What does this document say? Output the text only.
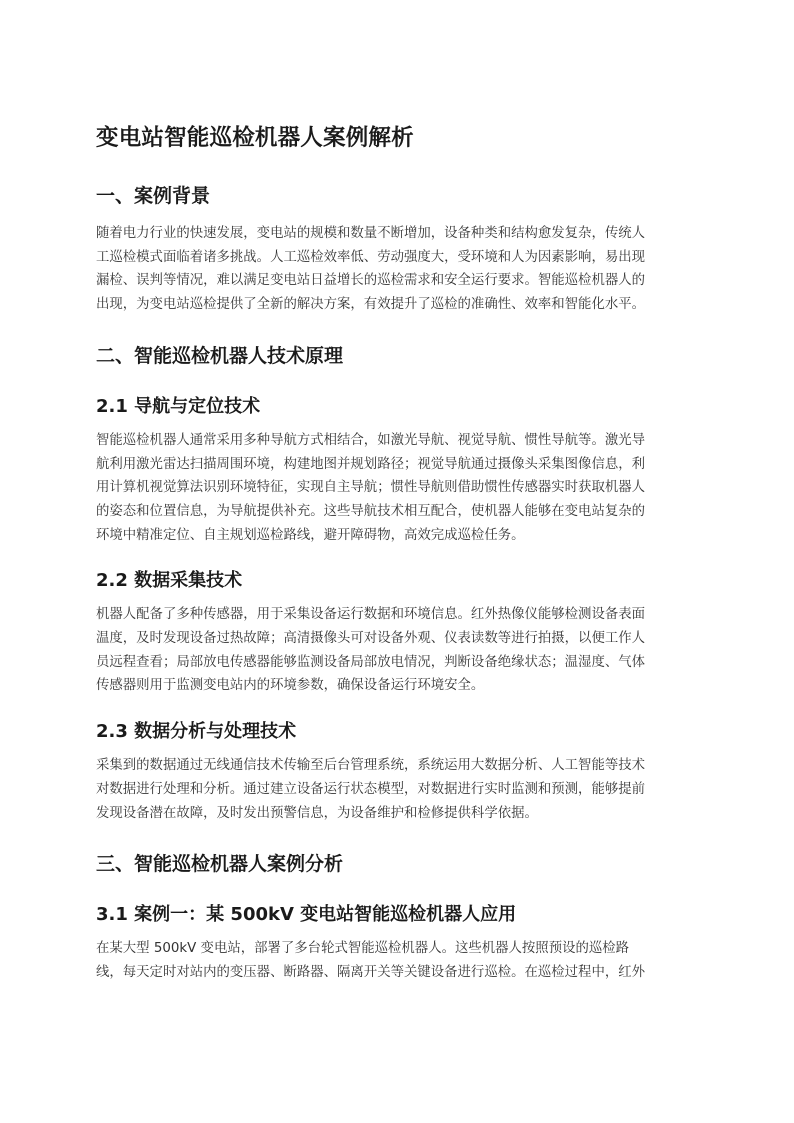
变电站智能巡检机器人案例解析
一、案例背景

随着电力行业的快速发展，变电站的规模和数量不断增加，设备种类和结构愈发复杂，传统人
工巡检模式面临着诸多挑战。人工巡检效率低、劳动强度大，受环境和人为因素影响，易出现
漏检、误判等情况，难以满足变电站日益增长的巡检需求和安全运行要求。智能巡检机器人的
出现，为变电站巡检提供了全新的解决方案，有效提升了巡检的准确性、效率和智能化水平。

二、智能巡检机器人技术原理
2.1 导航与定位技术

智能巡检机器人通常采用多种导航方式相结合，如激光导航、视觉导航、惯性导航等。激光导
航利用激光雷达扫描周围环境，构建地图并规划路径；视觉导航通过摄像头采集图像信息，利
用计算机视觉算法识别环境特征，实现自主导航；惯性导航则借助惯性传感器实时获取机器人
的姿态和位置信息，为导航提供补充。这些导航技术相互配合，使机器人能够在变电站复杂的
环境中精准定位、自主规划巡检路线，避开障碍物，高效完成巡检任务。

2.2 数据采集技术

机器人配备了多种传感器，用于采集设备运行数据和环境信息。红外热像仪能够检测设备表面
温度，及时发现设备过热故障；高清摄像头可对设备外观、仪表读数等进行拍摄，以便工作人
员远程查看；局部放电传感器能够监测设备局部放电情况，判断设备绝缘状态；温湿度、气体
传感器则用于监测变电站内的环境参数，确保设备运行环境安全。

2.3 数据分析与处理技术

采集到的数据通过无线通信技术传输至后台管理系统，系统运用大数据分析、人工智能等技术
对数据进行处理和分析。通过建立设备运行状态模型，对数据进行实时监测和预测，能够提前
发现设备潜在故障，及时发出预警信息，为设备维护和检修提供科学依据。

三、智能巡检机器人案例分析
3.1 案例一：某 500kV 变电站智能巡检机器人应用

在某大型 500kV 变电站，部署了多台轮式智能巡检机器人。这些机器人按照预设的巡检路
线，每天定时对站内的变压器、断路器、隔离开关等关键设备进行巡检。在巡检过程中，红外
